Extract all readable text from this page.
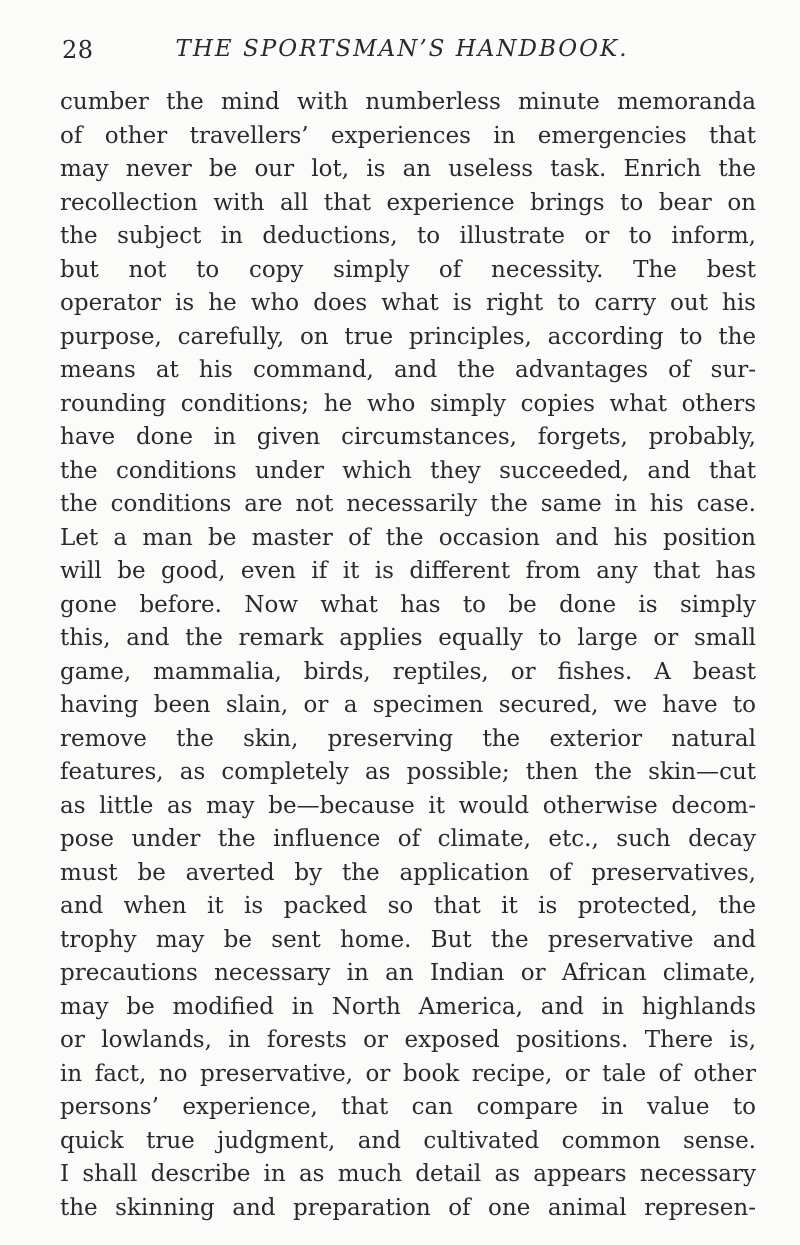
28	THE SPORTSMAN’S HANDBOOK.
cumber the mind with numberless minute memoranda
of other travellers’ experiences in emergencies that
may never be our lot, is an useless task. Enrich the
recollection with all that experience brings to bear on
the subject in deductions, to illustrate or to inform,
but not to copy simply of necessity. The best
operator is he who does what is right to carry out his
purpose, carefully, on true principles, according to the
means at his command, and the advantages of sur-
rounding conditions; he who simply copies what others
have done in given circumstances, forgets, probably,
the conditions under which they succeeded, and that
the conditions are not necessarily the same in his case.
Let a man be master of the occasion and his position
will be good, even if it is different from any that has
gone before. Now what has to be done is simply
this, and the remark applies equally to large or small
game, mammalia, birds, reptiles, or fishes. A beast
having been slain, or a specimen secured, we have to
remove the skin, preserving the exterior natural
features, as completely as possible; then the skin—cut
as little as may be—because it would otherwise decom-
pose under the influence of climate, etc., such decay
must be averted by the application of preservatives,
and when it is packed so that it is protected, the
trophy may be sent home. But the preservative and
precautions necessary in an Indian or African climate,
may be modified in North America, and in highlands
or lowlands, in forests or exposed positions. There is,
in fact, no preservative, or book recipe, or tale of other
persons’ experience, that can compare in value to
quick true judgment, and cultivated common sense.
I shall describe in as much detail as appears necessary
the skinning and preparation of one animal represen-
